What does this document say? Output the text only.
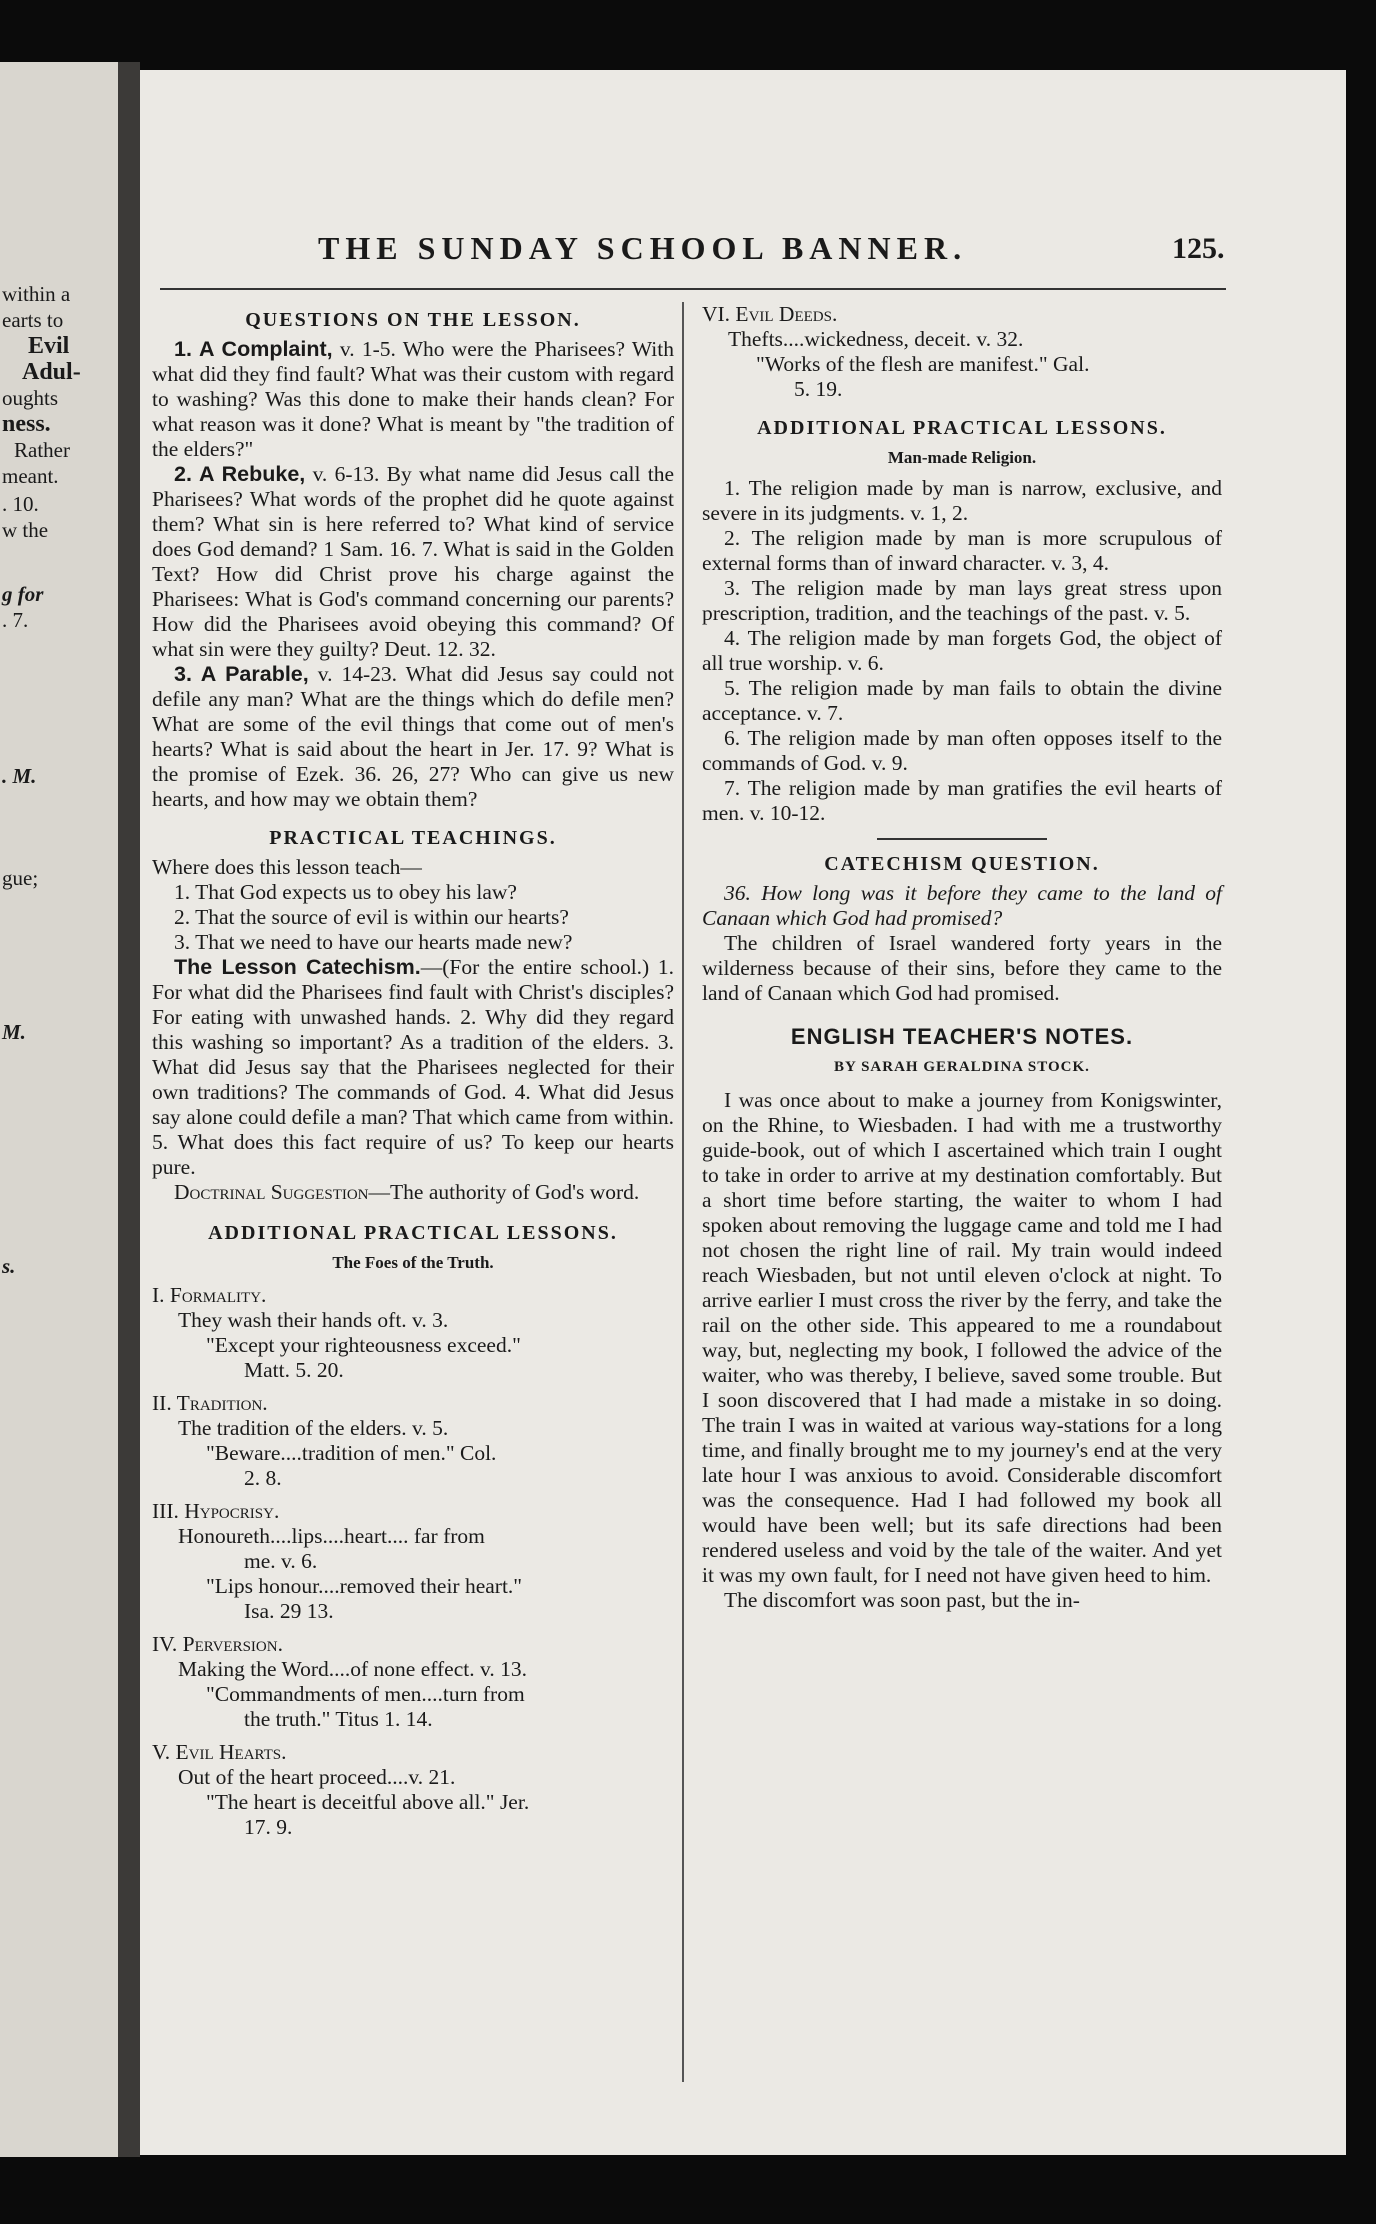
within a
earts to
Evil
Adul-
oughts
ness.
Rather
meant.
. 10.
w the
g for
. 7.
. M.
gue;
M.
s.
THE SUNDAY SCHOOL BANNER.	125.
QUESTIONS ON THE LESSON.

1. A Complaint, v. 1-5. Who were the Pharisees? With what did they find fault? What was their custom with regard to washing? Was this done to make their hands clean? For what reason was it done? What is meant by "the tradition of the elders?"

2. A Rebuke, v. 6-13. By what name did Jesus call the Pharisees? What words of the prophet did he quote against them? What sin is here referred to? What kind of service does God demand? 1 Sam. 16. 7. What is said in the Golden Text? How did Christ prove his charge against the Pharisees: What is God's command concerning our parents? How did the Pharisees avoid obeying this command? Of what sin were they guilty? Deut. 12. 32.

3. A Parable, v. 14-23. What did Jesus say could not defile any man? What are the things which do defile men? What are some of the evil things that come out of men's hearts? What is said about the heart in Jer. 17. 9? What is the promise of Ezek. 36. 26, 27? Who can give us new hearts, and how may we obtain them?

PRACTICAL TEACHINGS.

Where does this lesson teach—

1. That God expects us to obey his law?

2. That the source of evil is within our hearts?

3. That we need to have our hearts made new?

The Lesson Catechism.—(For the entire school.) 1. For what did the Pharisees find fault with Christ's disciples? For eating with unwashed hands. 2. Why did they regard this washing so important? As a tradition of the elders. 3. What did Jesus say that the Pharisees neglected for their own traditions? The commands of God. 4. What did Jesus say alone could defile a man? That which came from within. 5. What does this fact require of us? To keep our hearts pure.

Doctrinal Suggestion—The authority of God's word.

ADDITIONAL PRACTICAL LESSONS.
The Foes of the Truth.
I. Formality.
They wash their hands oft. v. 3.
"Except your righteousness exceed."
Matt. 5. 20.
II. Tradition.
The tradition of the elders. v. 5.
"Beware....tradition of men." Col.
2. 8.
III. Hypocrisy.
Honoureth....lips....heart.... far from
me. v. 6.
"Lips honour....removed their heart."
Isa. 29 13.
IV. Perversion.
Making the Word....of none effect. v. 13.
"Commandments of men....turn from
the truth." Titus 1. 14.
V. Evil Hearts.
Out of the heart proceed....v. 21.
"The heart is deceitful above all." Jer.
17. 9.
VI. Evil Deeds.
Thefts....wickedness, deceit. v. 32.
"Works of the flesh are manifest." Gal.
5. 19.
ADDITIONAL PRACTICAL LESSONS.
Man-made Religion.

1. The religion made by man is narrow, exclusive, and severe in its judgments. v. 1, 2.

2. The religion made by man is more scrupulous of external forms than of inward character. v. 3, 4.

3. The religion made by man lays great stress upon prescription, tradition, and the teachings of the past. v. 5.

4. The religion made by man forgets God, the object of all true worship. v. 6.

5. The religion made by man fails to obtain the divine acceptance. v. 7.

6. The religion made by man often opposes itself to the commands of God. v. 9.

7. The religion made by man gratifies the evil hearts of men. v. 10-12.

CATECHISM QUESTION.

36. How long was it before they came to the land of Canaan which God had promised?

The children of Israel wandered forty years in the wilderness because of their sins, before they came to the land of Canaan which God had promised.

ENGLISH TEACHER'S NOTES.
BY SARAH GERALDINA STOCK.

I was once about to make a journey from Konigswinter, on the Rhine, to Wiesbaden. I had with me a trustworthy guide-book, out of which I ascertained which train I ought to take in order to arrive at my destination comfortably. But a short time before starting, the waiter to whom I had spoken about removing the luggage came and told me I had not chosen the right line of rail. My train would indeed reach Wiesbaden, but not until eleven o'clock at night. To arrive earlier I must cross the river by the ferry, and take the rail on the other side. This appeared to me a roundabout way, but, neglecting my book, I followed the advice of the waiter, who was thereby, I believe, saved some trouble. But I soon discovered that I had made a mistake in so doing. The train I was in waited at various way-stations for a long time, and finally brought me to my journey's end at the very late hour I was anxious to avoid. Considerable discomfort was the consequence. Had I had followed my book all would have been well; but its safe directions had been rendered useless and void by the tale of the waiter. And yet it was my own fault, for I need not have given heed to him.

The discomfort was soon past, but the in-
